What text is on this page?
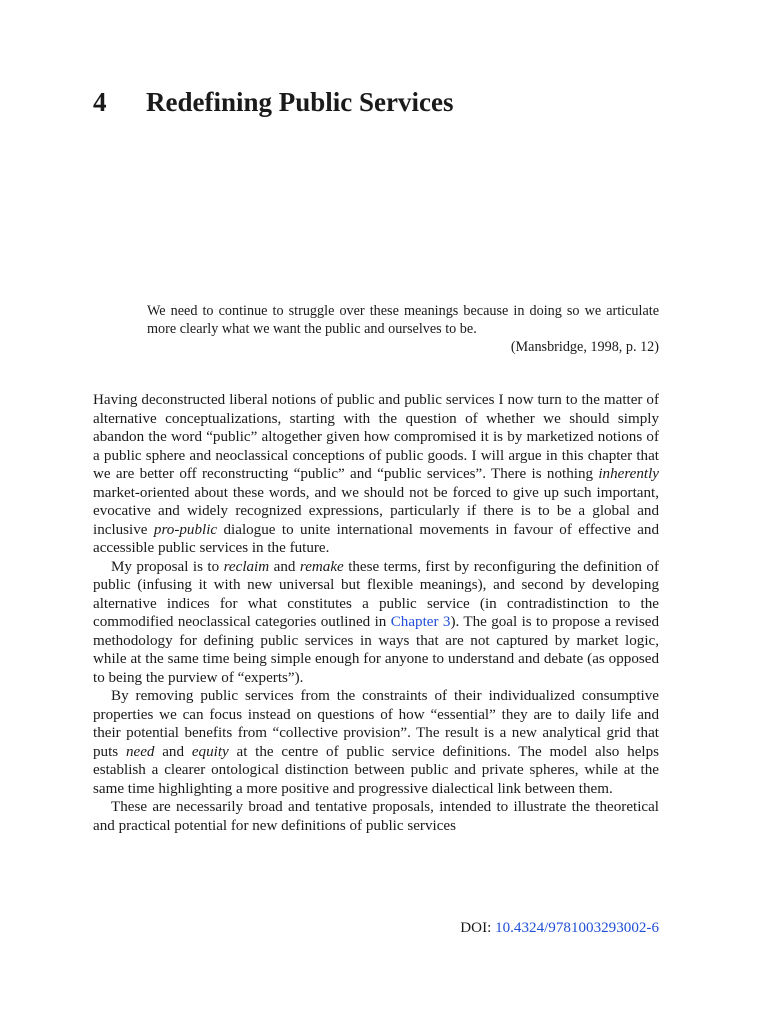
4 Redefining Public Services
We need to continue to struggle over these meanings because in doing so we articulate more clearly what we want the public and ourselves to be.
(Mansbridge, 1998, p. 12)

Having deconstructed liberal notions of public and public services I now turn to the matter of alternative conceptualizations, starting with the question of whether we should simply abandon the word “public” altogether given how compromised it is by marketized notions of a public sphere and neoclassical conceptions of public goods. I will argue in this chapter that we are better off reconstructing “public” and “public services”. There is nothing inherently market-oriented about these words, and we should not be forced to give up such important, evocative and widely recognized expressions, particularly if there is to be a global and inclusive pro-public dialogue to unite international movements in favour of effective and accessible public services in the future.

My proposal is to reclaim and remake these terms, first by reconfiguring the definition of public (infusing it with new universal but flexible meanings), and second by developing alternative indices for what constitutes a public service (in contradistinction to the commodified neoclassical categories outlined in Chapter 3). The goal is to propose a revised methodology for defining public services in ways that are not captured by market logic, while at the same time being simple enough for anyone to understand and debate (as opposed to being the purview of “experts”).

By removing public services from the constraints of their individualized consumptive properties we can focus instead on questions of how “essential” they are to daily life and their potential benefits from “collective provision”. The result is a new analytical grid that puts need and equity at the centre of public service definitions. The model also helps establish a clearer ontological distinction between public and private spheres, while at the same time highlighting a more positive and progressive dialectical link between them.

These are necessarily broad and tentative proposals, intended to illustrate the theoretical and practical potential for new definitions of public services

DOI: 10.4324/9781003293002-6
